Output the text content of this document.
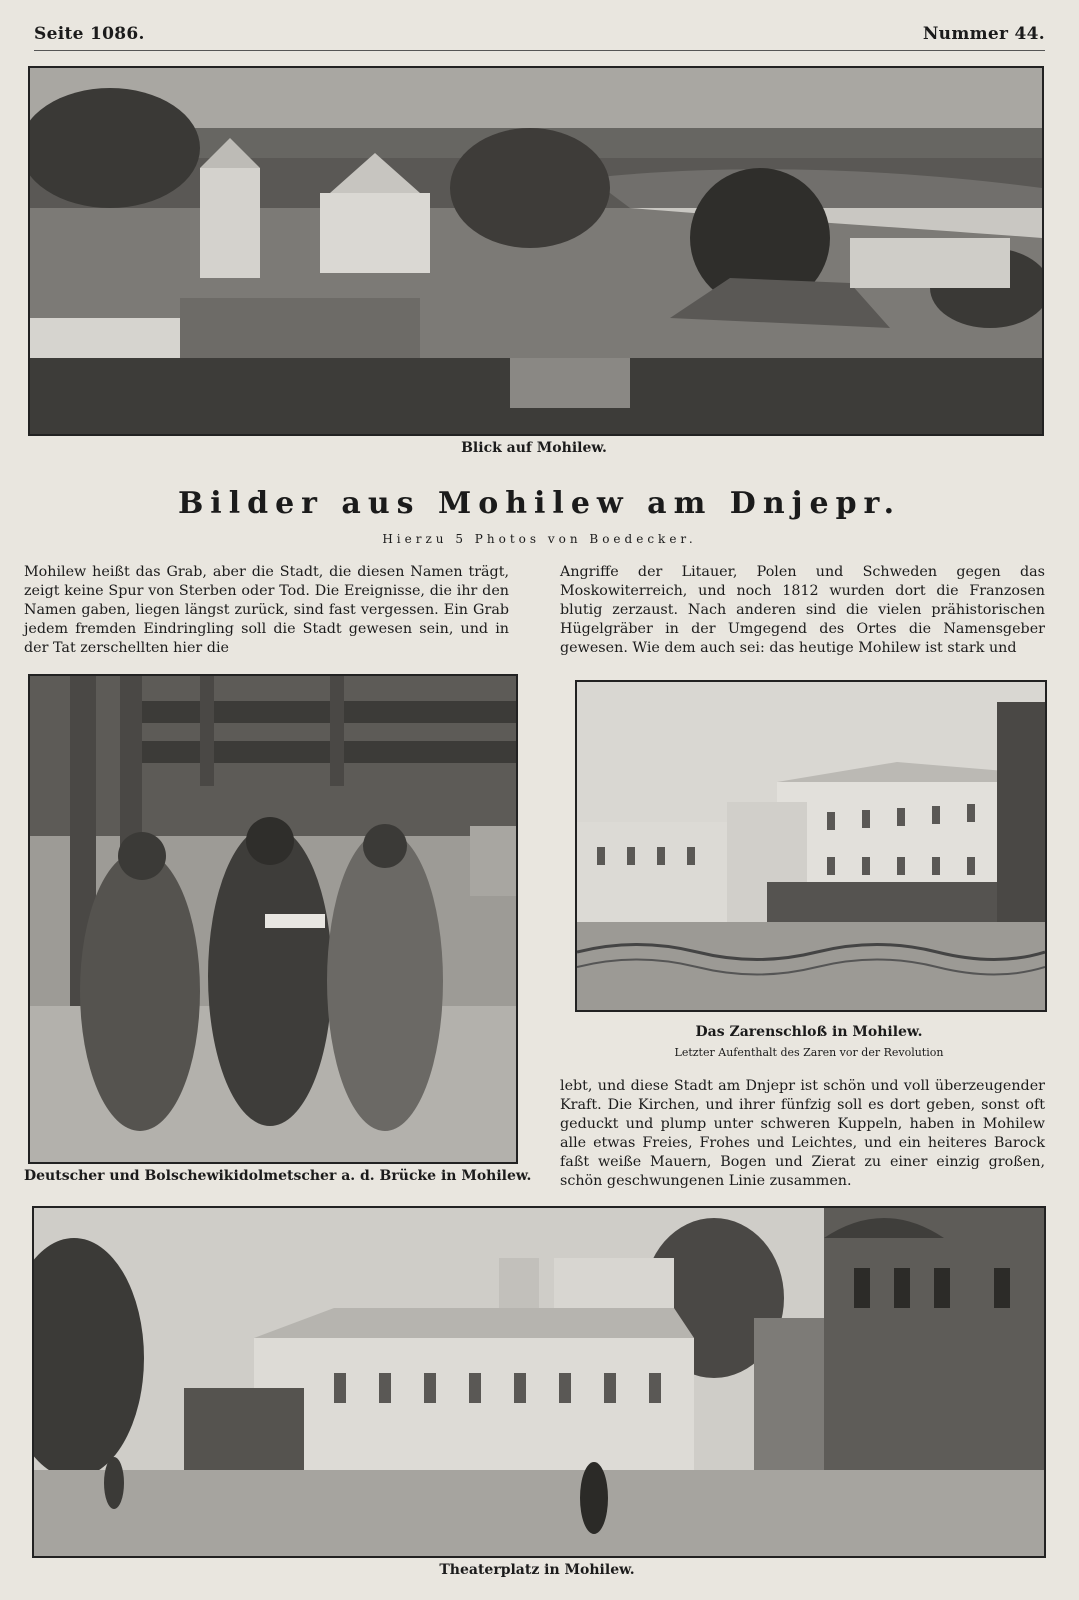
Seite 1086.	Nummer 44.
Blick auf Mohilew.
Bilder aus Mohilew am Dnjepr.
Hierzu 5 Photos von Boedecker.

Mohilew heißt das Grab, aber die Stadt, die diesen Namen trägt, zeigt keine Spur von Sterben oder Tod. Die Ereignisse, die ihr den Namen gaben, liegen längst zurück, sind fast vergessen. Ein Grab jedem fremden Eindringling soll die Stadt gewesen sein, und in der Tat zerschellten hier die

Angriffe der Litauer, Polen und Schweden gegen das Moskowiterreich, und noch 1812 wurden dort die Franzosen blutig zerzaust. Nach anderen sind die vielen prähistorischen Hügelgräber in der Umgegend des Ortes die Namensgeber gewesen. Wie dem auch sei: das heutige Mohilew ist stark und

Deutscher und Bolschewikidolmetscher a. d. Brücke in Mohilew.
Das Zarenschloß in Mohilew.
Letzter Aufenthalt des Zaren vor der Revolution

lebt, und diese Stadt am Dnjepr ist schön und voll überzeugender Kraft. Die Kirchen, und ihrer fünfzig soll es dort geben, sonst oft geduckt und plump unter schweren Kuppeln, haben in Mohilew alle etwas Freies, Frohes und Leichtes, und ein heiteres Barock faßt weiße Mauern, Bogen und Zierat zu einer einzig großen, schön geschwungenen Linie zusammen.

Theaterplatz in Mohilew.
